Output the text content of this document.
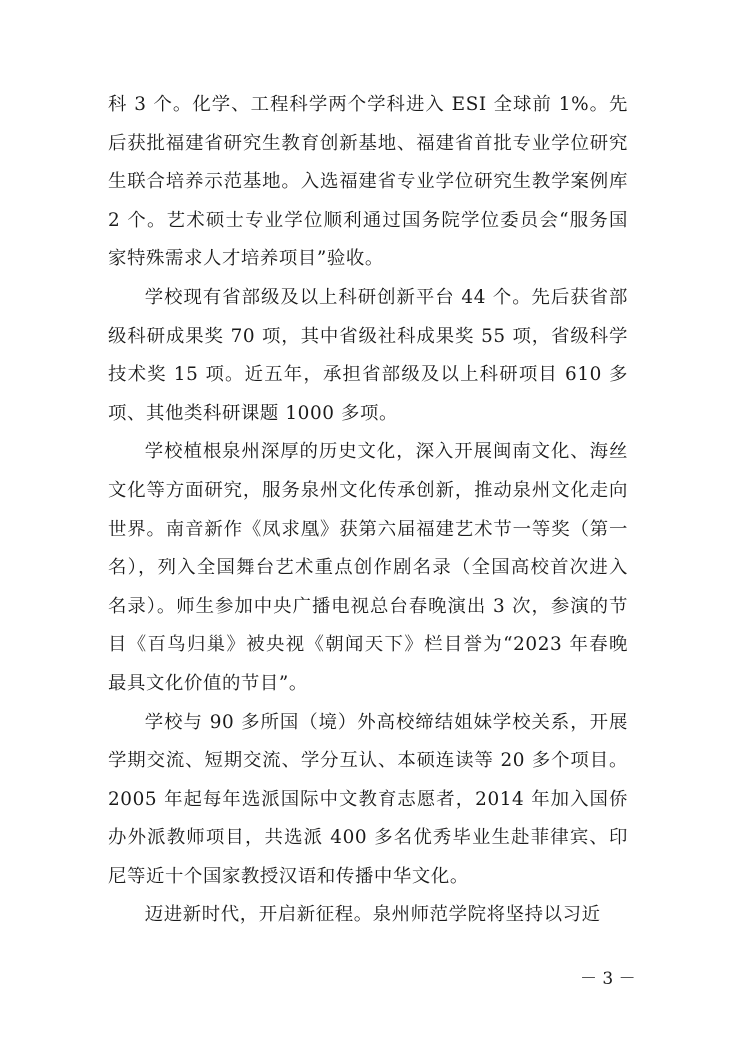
科 3 个。化学、工程科学两个学科进入 ESI 全球前 1%。先后获批福建省研究生教育创新基地、福建省首批专业学位研究生联合培养示范基地。入选福建省专业学位研究生教学案例库 2 个。艺术硕士专业学位顺利通过国务院学位委员会“服务国家特殊需求人才培养项目”验收。

学校现有省部级及以上科研创新平台 44 个。先后获省部级科研成果奖 70 项，其中省级社科成果奖 55 项，省级科学技术奖 15 项。近五年，承担省部级及以上科研项目 610 多项、其他类科研课题 1000 多项。

学校植根泉州深厚的历史文化，深入开展闽南文化、海丝文化等方面研究，服务泉州文化传承创新，推动泉州文化走向世界。南音新作《凤求凰》获第六届福建艺术节一等奖（第一名），列入全国舞台艺术重点创作剧名录（全国高校首次进入名录）。师生参加中央广播电视总台春晚演出 3 次，参演的节目《百鸟归巢》被央视《朝闻天下》栏目誉为“2023 年春晚最具文化价值的节目”。

学校与 90 多所国（境）外高校缔结姐妹学校关系，开展学期交流、短期交流、学分互认、本硕连读等 20 多个项目。2005 年起每年选派国际中文教育志愿者，2014 年加入国侨办外派教师项目，共选派 400 多名优秀毕业生赴菲律宾、印尼等近十个国家教授汉语和传播中华文化。

迈进新时代，开启新征程。泉州师范学院将坚持以习近

－ 3 －
